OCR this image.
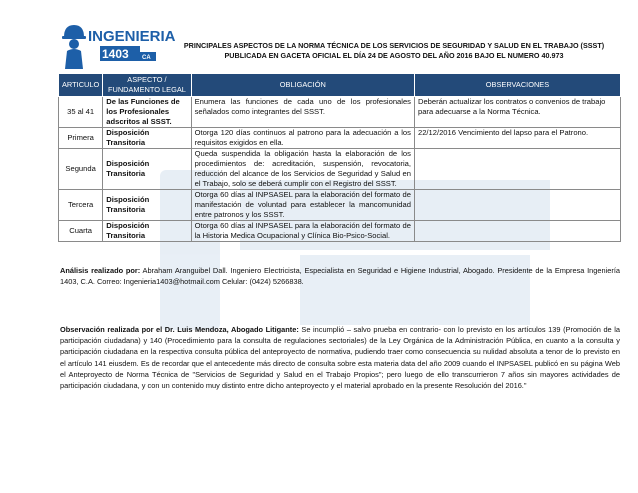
INGENIERIA
1403 CA
PRINCIPALES ASPECTOS DE LA NORMA TÉCNICA DE LOS SERVICIOS DE SEGURIDAD Y SALUD EN EL TRABAJO (SSST)
PUBLICADA EN GACETA OFICIAL EL DÍA 24 DE AGOSTO DEL AÑO 2016 BAJO EL NUMERO 40.973
ARTICULO	ASPECTO / FUNDAMENTO LEGAL	OBLIGACIÓN	OBSERVACIONES
35 al 41	De las Funciones de los Profesionales adscritos al SSST.	Enumera las funciones de cada uno de los profesionales señalados como integrantes del SSST.	Deberán actualizar los contratos o convenios de trabajo para adecuarse a la Norma Técnica.
Primera	Disposición Transitoria	Otorga 120 días continuos al patrono para la adecuación a los requisitos exigidos en ella.	22/12/2016 Vencimiento del lapso para el Patrono.
Segunda	Disposición Transitoria	Queda suspendida la obligación hasta la elaboración de los procedimientos de: acreditación, suspensión, revocatoria, reducción del alcance de los Servicios de Seguridad y Salud en el Trabajo, solo se deberá cumplir con el Registro del SSST.	
Tercera	Disposición Transitoria	Otorga 60 días al INPSASEL para la elaboración del formato de manifestación de voluntad para establecer la mancomunidad entre patronos y los SSST.	
Cuarta	Disposición Transitoria	Otorga 60 días al INPSASEL para la elaboración del formato de la Historia Medica Ocupacional y Clínica Bio-Psico-Social.	
Análisis realizado por: Abraham Aranguibel Dall. Ingeniero Electricista, Especialista en Seguridad e Higiene Industrial, Abogado. Presidente de la Empresa Ingeniería 1403, C.A. Correo: Ingenieria1403@hotmail.com Celular: (0424) 5266838.
Observación realizada por el Dr. Luis Mendoza, Abogado Litigante: Se incumplió – salvo prueba en contrario- con lo previsto en los artículos 139 (Promoción de la participación ciudadana) y 140 (Procedimiento para la consulta de regulaciones sectoriales) de la Ley Orgánica de la Administración Pública, en cuanto a la consulta y participación ciudadana en la respectiva consulta pública del anteproyecto de normativa, pudiendo traer como consecuencia su nulidad absoluta a tenor de lo previsto en el artículo 141 eiusdem. Es de recordar que el antecedente más directo de consulta sobre esta materia data del año 2009 cuando el INPSASEL publicó en su página Web el Anteproyecto de Norma Técnica de "Servicios de Seguridad y Salud en el Trabajo Propios"; pero luego de ello transcurrieron 7 años sin mayores actividades de participación ciudadana, y con un contenido muy distinto entre dicho anteproyecto y el material aprobado en la presente Resolución del 2016."
